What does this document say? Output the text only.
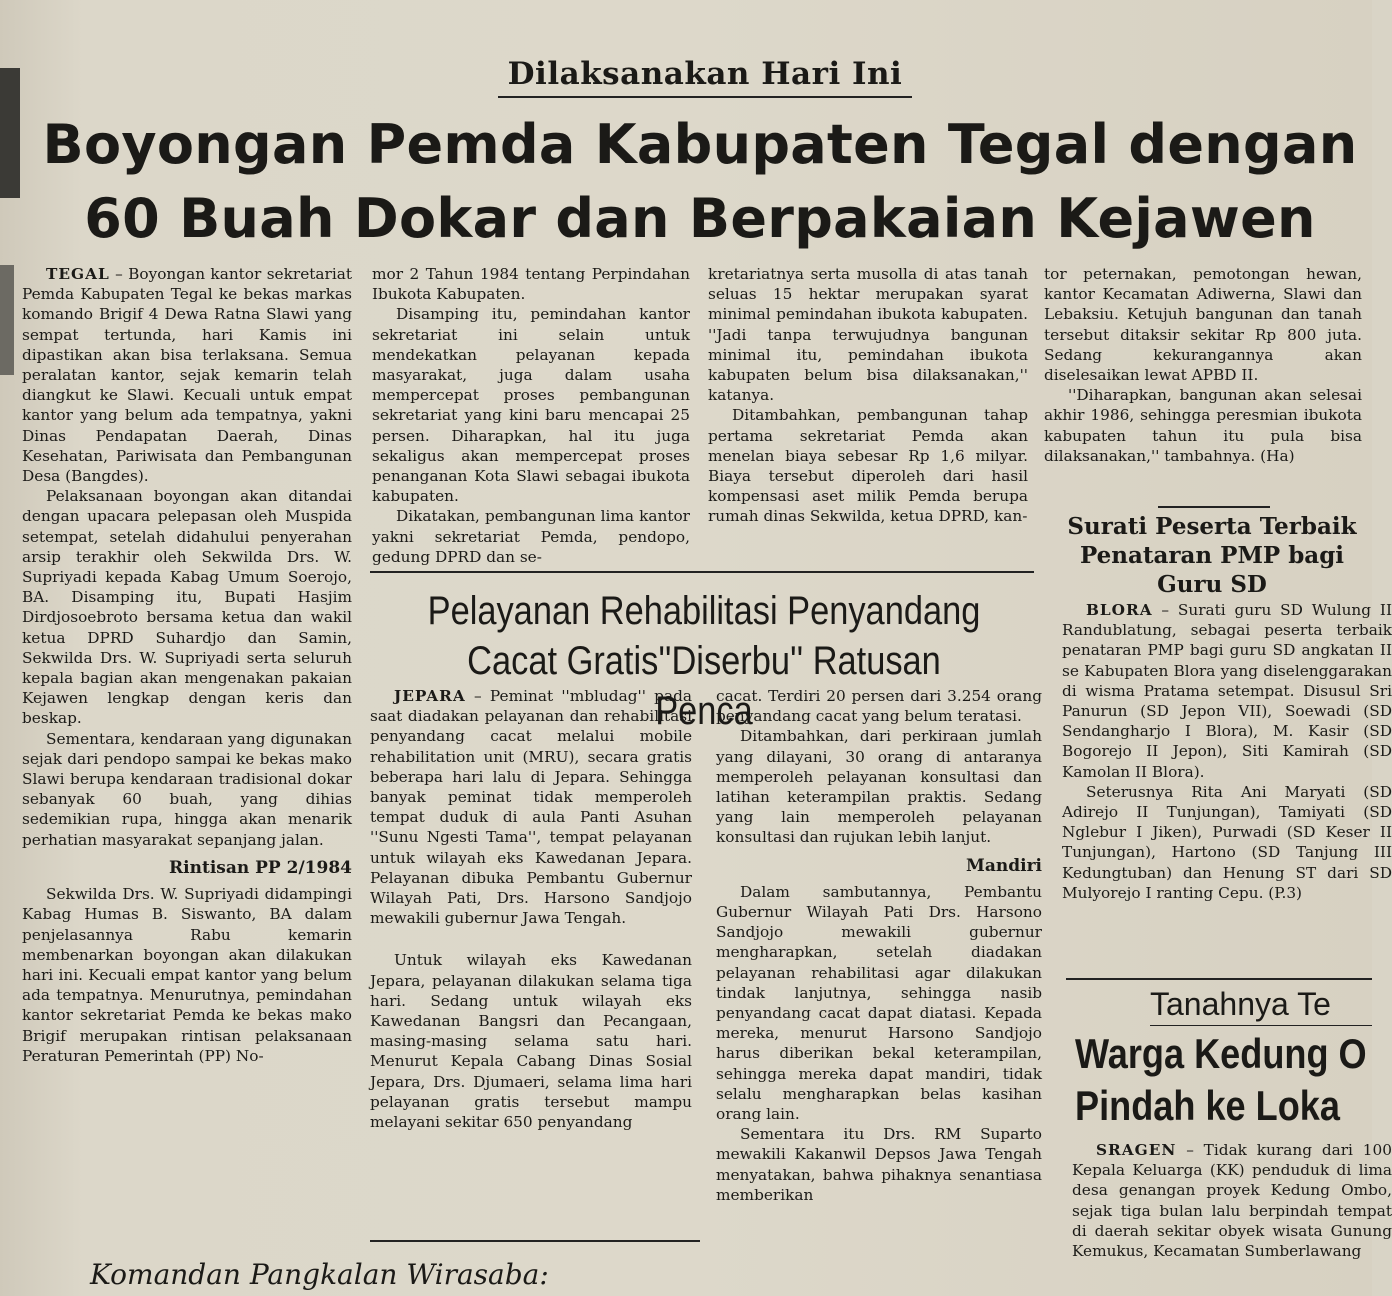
Dilaksanakan Hari Ini
Boyongan Pemda Kabupaten Tegal dengan
60 Buah Dokar dan Berpakaian Kejawen

TEGAL – Boyongan kantor sekretariat Pemda Kabupaten Tegal ke bekas markas komando Brigif 4 Dewa Ratna Slawi yang sempat tertunda, hari Kamis ini dipastikan akan bisa terlaksana. Semua peralatan kantor, sejak kemarin telah diangkut ke Slawi. Kecuali untuk empat kantor yang belum ada tempatnya, yakni Dinas Pendapatan Daerah, Dinas Kesehatan, Pariwisata dan Pembangunan Desa (Bangdes).

Pelaksanaan boyongan akan ditandai dengan upacara pelepasan oleh Muspida setempat, setelah didahului penyerahan arsip terakhir oleh Sekwilda Drs. W. Supriyadi kepada Kabag Umum Soerojo, BA. Disamping itu, Bupati Hasjim Dirdjosoebroto bersama ketua dan wakil ketua DPRD Suhardjo dan Samin, Sekwilda Drs. W. Supriyadi serta seluruh kepala bagian akan mengenakan pakaian Kejawen lengkap dengan keris dan beskap.

Sementara, kendaraan yang digunakan sejak dari pendopo sampai ke bekas mako Slawi berupa kendaraan tradisional dokar sebanyak 60 buah, yang dihias sedemikian rupa, hingga akan menarik perhatian masyarakat sepanjang jalan.

Rintisan PP 2/1984

Sekwilda Drs. W. Supriyadi didampingi Kabag Humas B. Siswanto, BA dalam penjelasannya Rabu kemarin membenarkan boyongan akan dilakukan hari ini. Kecuali empat kantor yang belum ada tempatnya. Menurutnya, pemindahan kantor sekretariat Pemda ke bekas mako Brigif merupakan rintisan pelaksanaan Peraturan Pemerintah (PP) No-

mor 2 Tahun 1984 tentang Perpindahan Ibukota Kabupaten.

Disamping itu, pemindahan kantor sekretariat ini selain untuk mendekatkan pelayanan kepada masyarakat, juga dalam usaha mempercepat proses pembangunan sekretariat yang kini baru mencapai 25 persen. Diharapkan, hal itu juga sekaligus akan mempercepat proses penanganan Kota Slawi sebagai ibukota kabupaten.

Dikatakan, pembangunan lima kantor yakni sekretariat Pemda, pendopo, gedung DPRD dan se-

kretariatnya serta musolla di atas tanah seluas 15 hektar merupakan syarat minimal pemindahan ibukota kabupaten. ''Jadi tanpa terwujudnya bangunan minimal itu, pemindahan ibukota kabupaten belum bisa dilaksanakan,'' katanya.

Ditambahkan, pembangunan tahap pertama sekretariat Pemda akan menelan biaya sebesar Rp 1,6 milyar. Biaya tersebut diperoleh dari hasil kompensasi aset milik Pemda berupa rumah dinas Sekwilda, ketua DPRD, kan-

tor peternakan, pemotongan hewan, kantor Kecamatan Adiwerna, Slawi dan Lebaksiu. Ketujuh bangunan dan tanah tersebut ditaksir sekitar Rp 800 juta. Sedang kekurangannya akan diselesaikan lewat APBD II.

''Diharapkan, bangunan akan selesai akhir 1986, sehingga peresmian ibukota kabupaten tahun itu pula bisa dilaksanakan,'' tambahnya. (Ha)

Pelayanan Rehabilitasi Penyandang
Cacat Gratis''Diserbu'' Ratusan Penca

JEPARA – Peminat ''mbludag'' pada saat diadakan pelayanan dan rehabilitasi penyandang cacat melalui mobile rehabilitation unit (MRU), secara gratis beberapa hari lalu di Jepara. Sehingga banyak peminat tidak memperoleh tempat duduk di aula Panti Asuhan ''Sunu Ngesti Tama'', tempat pelayanan untuk wilayah eks Kawedanan Jepara. Pelayanan dibuka Pembantu Gubernur Wilayah Pati, Drs. Harsono Sandjojo mewakili gubernur Jawa Tengah.

Untuk wilayah eks Kawedanan Jepara, pelayanan dilakukan selama tiga hari. Sedang untuk wilayah eks Kawedanan Bangsri dan Pecangaan, masing-masing selama satu hari. Menurut Kepala Cabang Dinas Sosial Jepara, Drs. Djumaeri, selama lima hari pelayanan gratis tersebut mampu melayani sekitar 650 penyandang

cacat. Terdiri 20 persen dari 3.254 orang penyandang cacat yang belum teratasi.

Ditambahkan, dari perkiraan jumlah yang dilayani, 30 orang di antaranya memperoleh pelayanan konsultasi dan latihan keterampilan praktis. Sedang yang lain memperoleh pelayanan konsultasi dan rujukan lebih lanjut.

Mandiri

Dalam sambutannya, Pembantu Gubernur Wilayah Pati Drs. Harsono Sandjojo mewakili gubernur mengharapkan, setelah diadakan pelayanan rehabilitasi agar dilakukan tindak lanjutnya, sehingga nasib penyandang cacat dapat diatasi. Kepada mereka, menurut Harsono Sandjojo harus diberikan bekal keterampilan, sehingga mereka dapat mandiri, tidak selalu mengharapkan belas kasihan orang lain.

Sementara itu Drs. RM Suparto mewakili Kakanwil Depsos Jawa Tengah menyatakan, bahwa pihaknya senantiasa memberikan

Surati Peserta Terbaik Penataran PMP bagi Guru SD

BLORA – Surati guru SD Wulung II Randublatung, sebagai peserta terbaik penataran PMP bagi guru SD angkatan II se Kabupaten Blora yang diselenggarakan di wisma Pratama setempat. Disusul Sri Panurun (SD Jepon VII), Soewadi (SD Sendangharjo I Blora), M. Kasir (SD Bogorejo II Jepon), Siti Kamirah (SD Kamolan II Blora).

Seterusnya Rita Ani Maryati (SD Adirejo II Tunjungan), Tamiyati (SD Nglebur I Jiken), Purwadi (SD Keser II Tunjungan), Hartono (SD Tanjung III Kedungtuban) dan Henung ST dari SD Mulyorejo I ranting Cepu. (P.3)

Tanahnya Te
Warga Kedung O
Pindah ke Loka

SRAGEN – Tidak kurang dari 100 Kepala Keluarga (KK) penduduk di lima desa genangan proyek Kedung Ombo, sejak tiga bulan lalu berpindah tempat di daerah sekitar obyek wisata Gunung Kemukus, Kecamatan Sumberlawang

Komandan Pangkalan Wirasaba:
